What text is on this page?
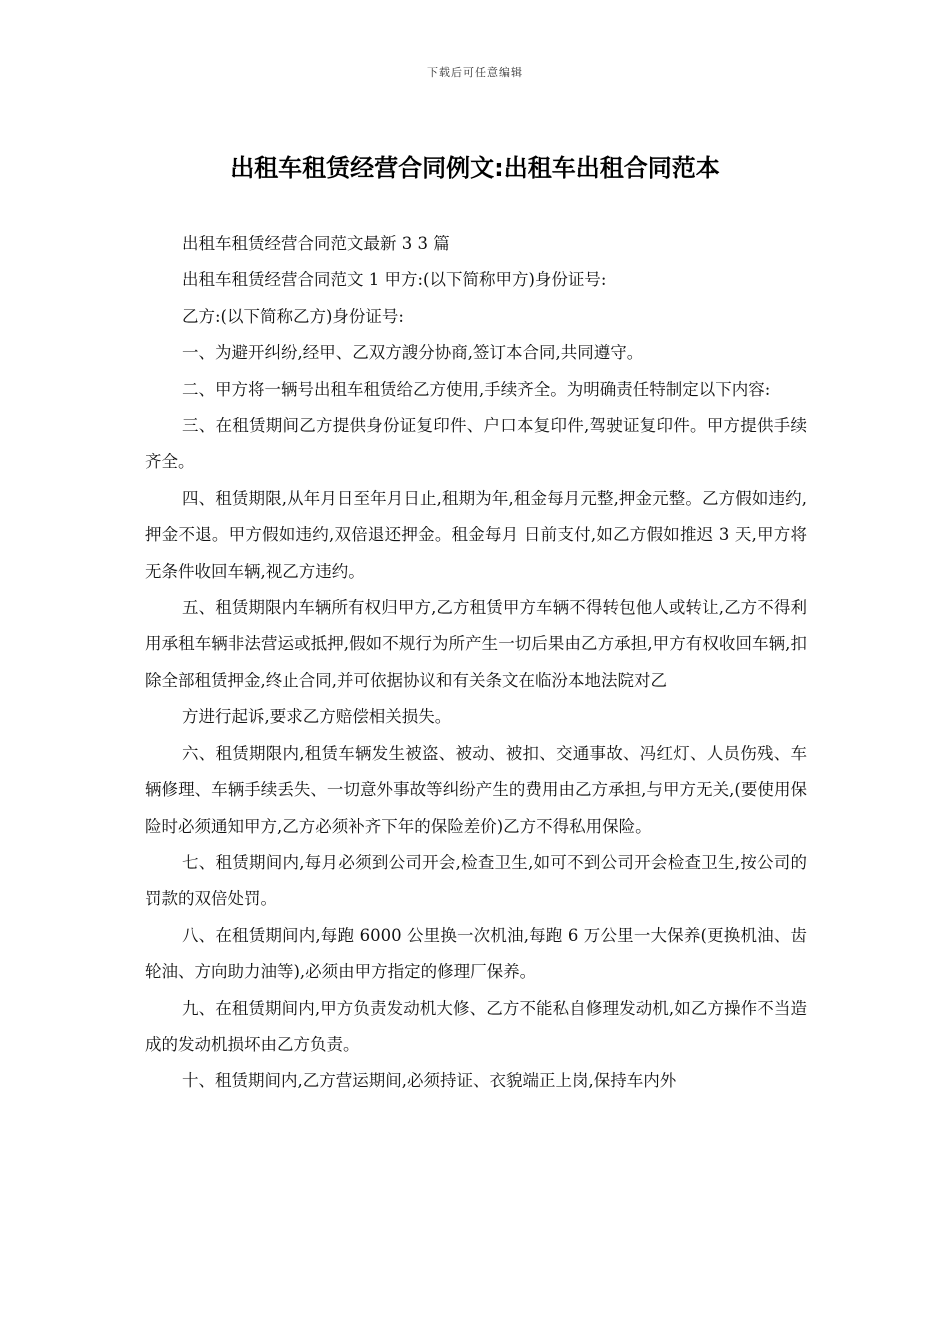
下载后可任意编辑
出租车租赁经营合同例文:出租车出租合同范本

出租车租赁经营合同范文最新 3 3 篇

出租车租赁经营合同范文 1 甲方:(以下简称甲方)身份证号:

乙方:(以下简称乙方)身份证号:

一、为避开纠纷,经甲、乙双方謏分协商,签订本合同,共同遵守。

二、甲方将一辆号出租车租赁给乙方使用,手续齐全。为明确责任特制定以下内容:

三、在租赁期间乙方提供身份证复印件、户口本复印件,驾驶证复印件。甲方提供手续齐全。

四、租赁期限,从年月日至年月日止,租期为年,租金每月元整,押金元整。乙方假如违约,押金不退。甲方假如违约,双倍退还押金。租金每月 日前支付,如乙方假如推迟 3 天,甲方将无条件收回车辆,视乙方违约。

五、租赁期限内车辆所有权归甲方,乙方租赁甲方车辆不得转包他人或转让,乙方不得利用承租车辆非法营运或抵押,假如不规行为所产生一切后果由乙方承担,甲方有权收回车辆,扣除全部租赁押金,终止合同,并可依据协议和有关条文在临汾本地法院对乙

方进行起诉,要求乙方赔偿相关损失。

六、租赁期限内,租赁车辆发生被盗、被动、被扣、交通事故、冯红灯、人员伤残、车辆修理、车辆手续丢失、一切意外事故等纠纷产生的费用由乙方承担,与甲方无关,(要使用保险时必须通知甲方,乙方必须补齐下年的保险差价)乙方不得私用保险。

七、租赁期间内,每月必须到公司开会,检查卫生,如可不到公司开会检查卫生,按公司的罚款的双倍处罚。

八、在租赁期间内,每跑 6000 公里换一次机油,每跑 6 万公里一大保养(更换机油、齿轮油、方向助力油等),必须由甲方指定的修理厂保养。

九、在租赁期间内,甲方负责发动机大修、乙方不能私自修理发动机,如乙方操作不当造成的发动机损坏由乙方负责。

十、租赁期间内,乙方营运期间,必须持证、衣貌端正上岗,保持车内外
